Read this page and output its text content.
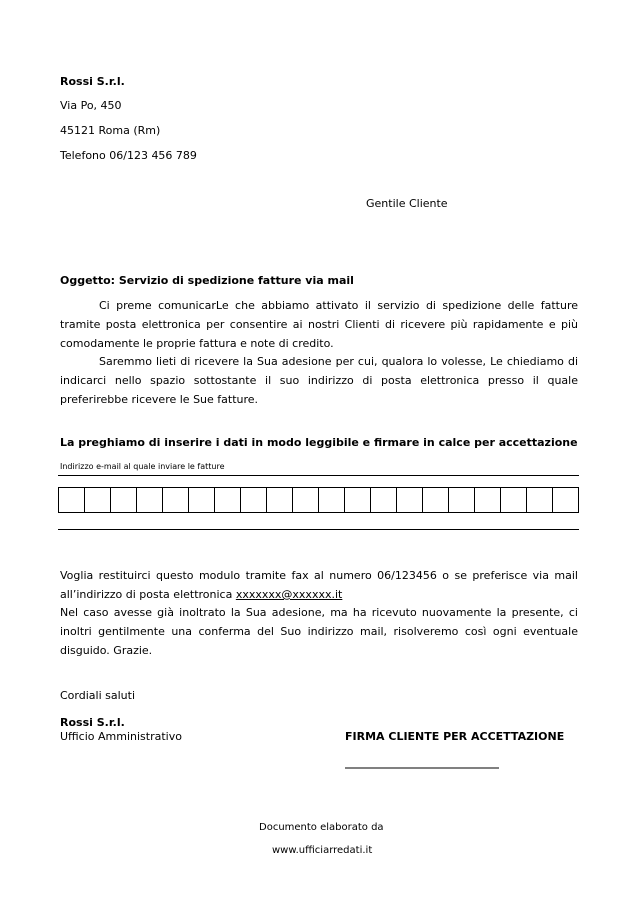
Rossi S.r.l.
Via Po, 450
45121 Roma (Rm)
Telefono 06/123 456 789
Gentile Cliente
Oggetto: Servizio di spedizione fatture via mail
Ci preme comunicarLe che abbiamo attivato il servizio di spedizione delle fatture tramite posta elettronica per consentire ai nostri Clienti di ricevere più rapidamente e più comodamente le proprie fattura e note di credito.
Saremmo lieti di ricevere la Sua adesione per cui, qualora lo volesse, Le chiediamo di indicarci nello spazio sottostante il suo indirizzo di posta elettronica presso il quale preferirebbe ricevere le Sue fatture.
La preghiamo di inserire i dati in modo leggibile e firmare in calce per accettazione
Indirizzo e-mail al quale inviare le fatture
Voglia restituirci questo modulo tramite fax al numero 06/123456 o se preferisce via mail all’indirizzo di posta elettronica xxxxxxx@xxxxxx.it
Nel caso avesse già inoltrato la Sua adesione, ma ha ricevuto nuovamente la presente, ci inoltri gentilmente una conferma del Suo indirizzo mail, risolveremo così ogni eventuale disguido. Grazie.
Cordiali saluti
Rossi S.r.l.
Ufficio Amministrativo	FIRMA CLIENTE PER ACCETTAZIONE
____________________________
Documento elaborato da
www.ufficiarredati.it
